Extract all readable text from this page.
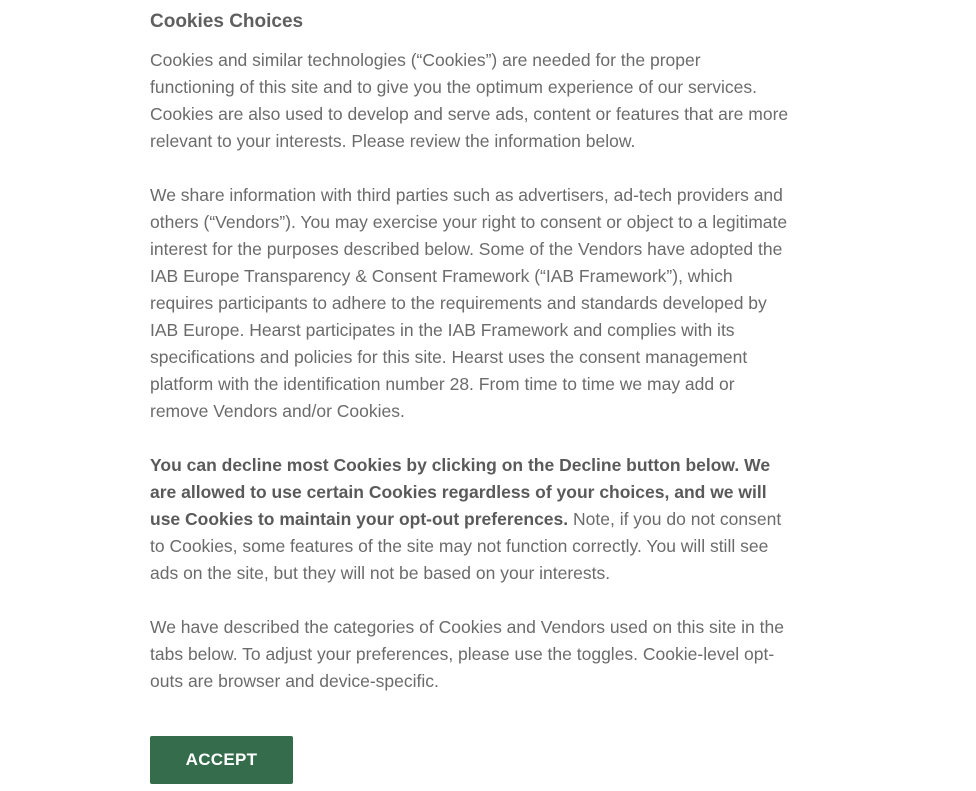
Cookies Choices

Cookies and similar technologies (“Cookies”) are needed for the proper functioning of this site and to give you the optimum experience of our services. Cookies are also used to develop and serve ads, content or features that are more relevant to your interests. Please review the information below.

We share information with third parties such as advertisers, ad-tech providers and others (“Vendors”). You may exercise your right to consent or object to a legitimate interest for the purposes described below. Some of the Vendors have adopted the IAB Europe Transparency & Consent Framework (“IAB Framework”), which requires participants to adhere to the requirements and standards developed by IAB Europe. Hearst participates in the IAB Framework and complies with its specifications and policies for this site. Hearst uses the consent management platform with the identification number 28. From time to time we may add or remove Vendors and/or Cookies.

You can decline most Cookies by clicking on the Decline button below. We are allowed to use certain Cookies regardless of your choices, and we will use Cookies to maintain your opt-out preferences. Note, if you do not consent to Cookies, some features of the site may not function correctly. You will still see ads on the site, but they will not be based on your interests.

We have described the categories of Cookies and Vendors used on this site in the tabs below. To adjust your preferences, please use the toggles. Cookie-level opt-outs are browser and device-specific.

ACCEPT
